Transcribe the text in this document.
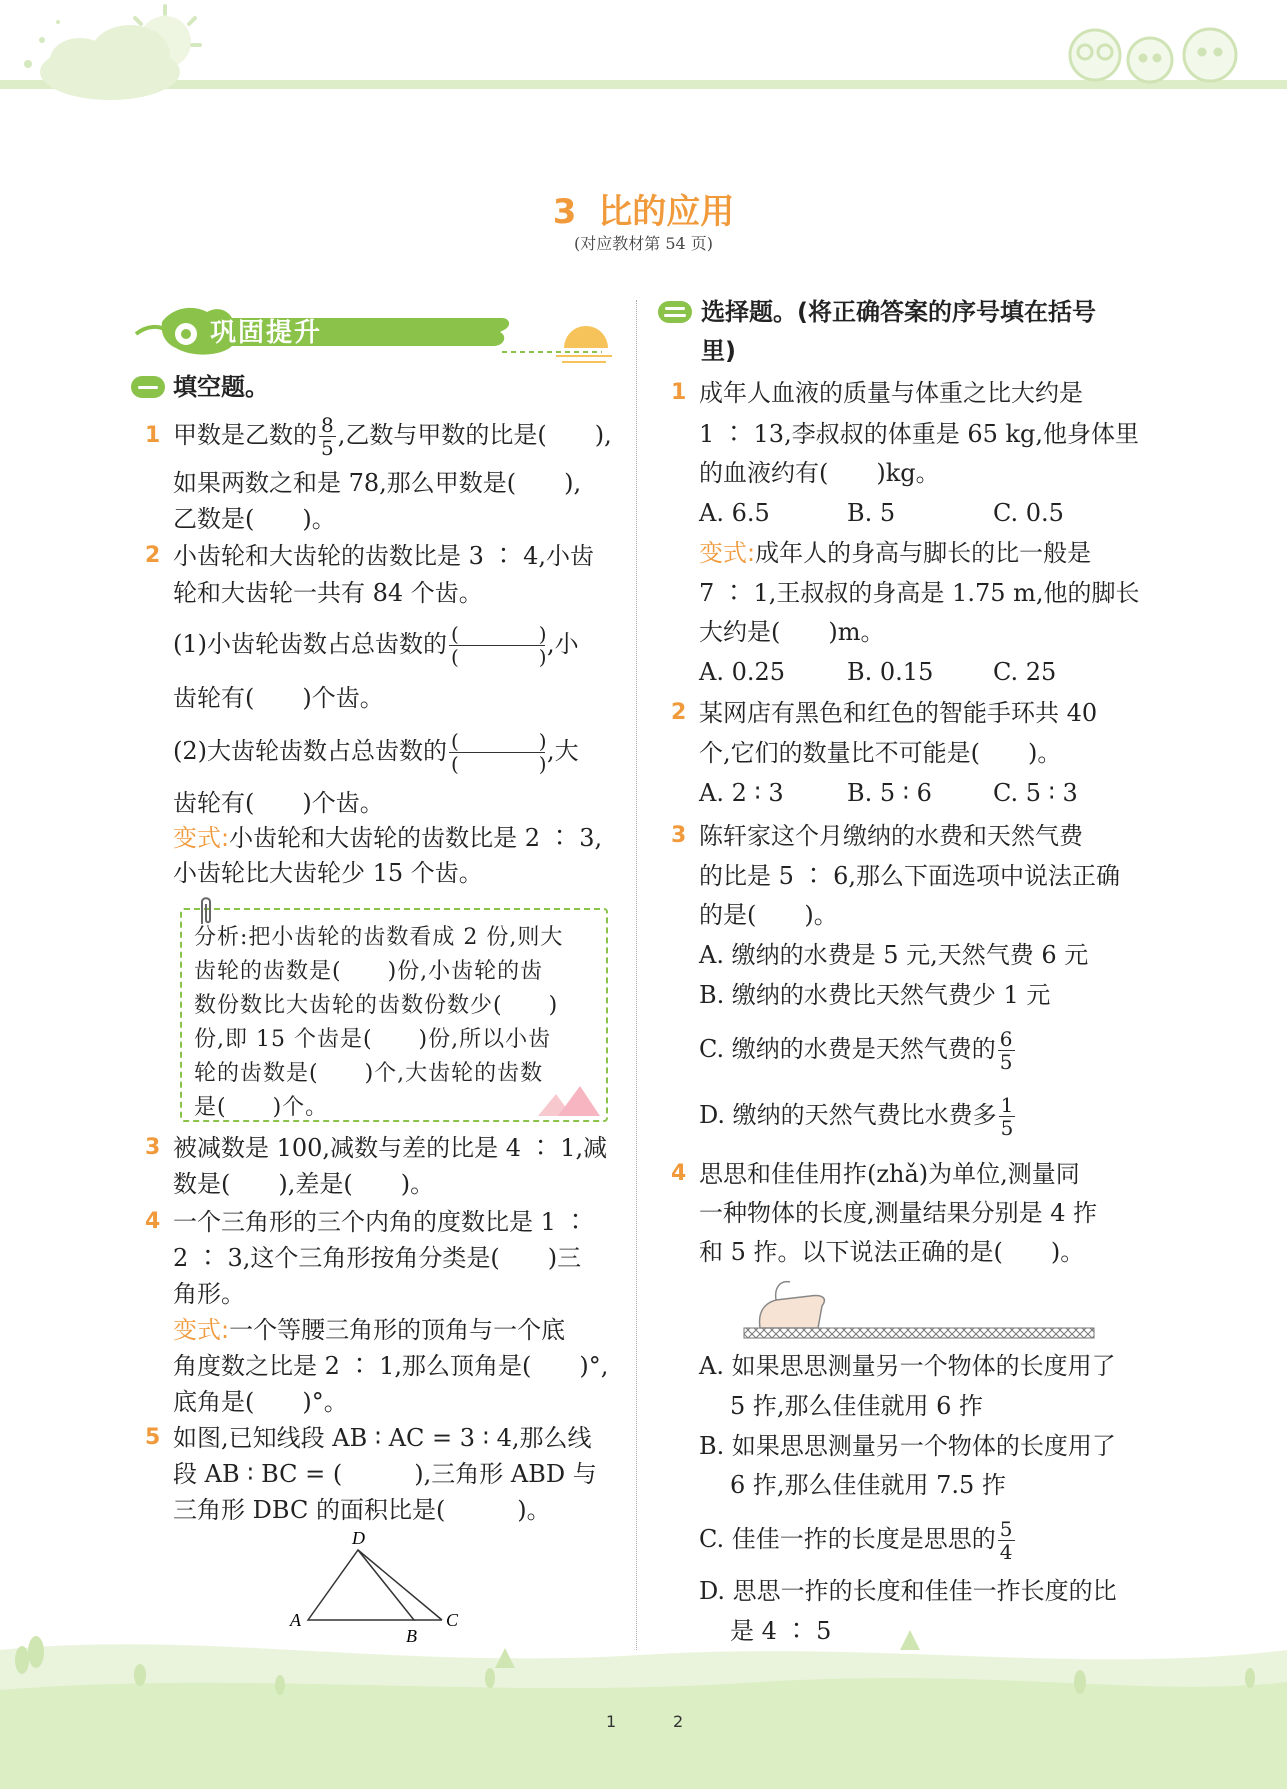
3 比的应用
(对应教材第 54 页)
巩固提升
填空题。
1 甲数是乙数的 $\frac{8}{5}$ ,乙数与甲数的比是(　　),
如果两数之和是 78,那么甲数是(　　),
乙数是(　　)。
2 小齿轮和大齿轮的齿数比是 3 ∶ 4,小齿
轮和大齿轮一共有 84 个齿。
(1)小齿轮齿数占总齿数的 $\frac{( )}{( )}$ ,小
齿轮有(　　)个齿。
(2)大齿轮齿数占总齿数的 $\frac{( )}{( )}$ ,大
齿轮有(　　)个齿。
变式:小齿轮和大齿轮的齿数比是 2 ∶ 3,
小齿轮比大齿轮少 15 个齿。
分析:把小齿轮的齿数看成 2 份,则大
齿轮的齿数是(　　)份,小齿轮的齿
数份数比大齿轮的齿数份数少(　　)
份,即 15 个齿是(　　)份,所以小齿
轮的齿数是(　　)个,大齿轮的齿数
是(　　)个。
3 被减数是 100,减数与差的比是 4 ∶ 1,减
数是(　　),差是(　　)。
4 一个三角形的三个内角的度数比是 1 ∶
2 ∶ 3,这个三角形按角分类是(　　)三
角形。
变式:一个等腰三角形的顶角与一个底
角度数之比是 2 ∶ 1,那么顶角是(　　)°,
底角是(　　)°。
5 如图,已知线段 AB ∶ AC = 3 ∶ 4,那么线
段 AB ∶ BC = (　　　),三角形 ABD 与
三角形 DBC 的面积比是(　　　)。
D
A
B
C
选择题。(将正确答案的序号填在括号
里)
1 成年人血液的质量与体重之比大约是
1 ∶ 13,李叔叔的体重是 65 kg,他身体里
的血液约有(　　)kg。
A. 6.5	B. 5	C. 0.5
变式:成年人的身高与脚长的比一般是
7 ∶ 1,王叔叔的身高是 1.75 m,他的脚长
大约是(　　)m。
A. 0.25	B. 0.15 C. 25
2 某网店有黑色和红色的智能手环共 40
个,它们的数量比不可能是(　　)。
A. 2 ∶ 3	B. 5 ∶ 6	C. 5 ∶ 3
3 陈轩家这个月缴纳的水费和天然气费
的比是 5 ∶ 6,那么下面选项中说法正确
的是(　　)。
A. 缴纳的水费是 5 元,天然气费 6 元
B. 缴纳的水费比天然气费少 1 元
C. 缴纳的水费是天然气费的 $\frac{6}{5}$
D. 缴纳的天然气费比水费多 $\frac{1}{5}$
4 思思和佳佳用拃(zhǎ)为单位,测量同
一种物体的长度,测量结果分别是 4 拃
和 5 拃。以下说法正确的是(　　)。
A. 如果思思测量另一个物体的长度用了
5 拃,那么佳佳就用 6 拃
B. 如果思思测量另一个物体的长度用了
6 拃,那么佳佳就用 7.5 拃
C. 佳佳一拃的长度是思思的 $\frac{5}{4}$
D. 思思一拃的长度和佳佳一拃长度的比
是 4 ∶ 5
1	2
